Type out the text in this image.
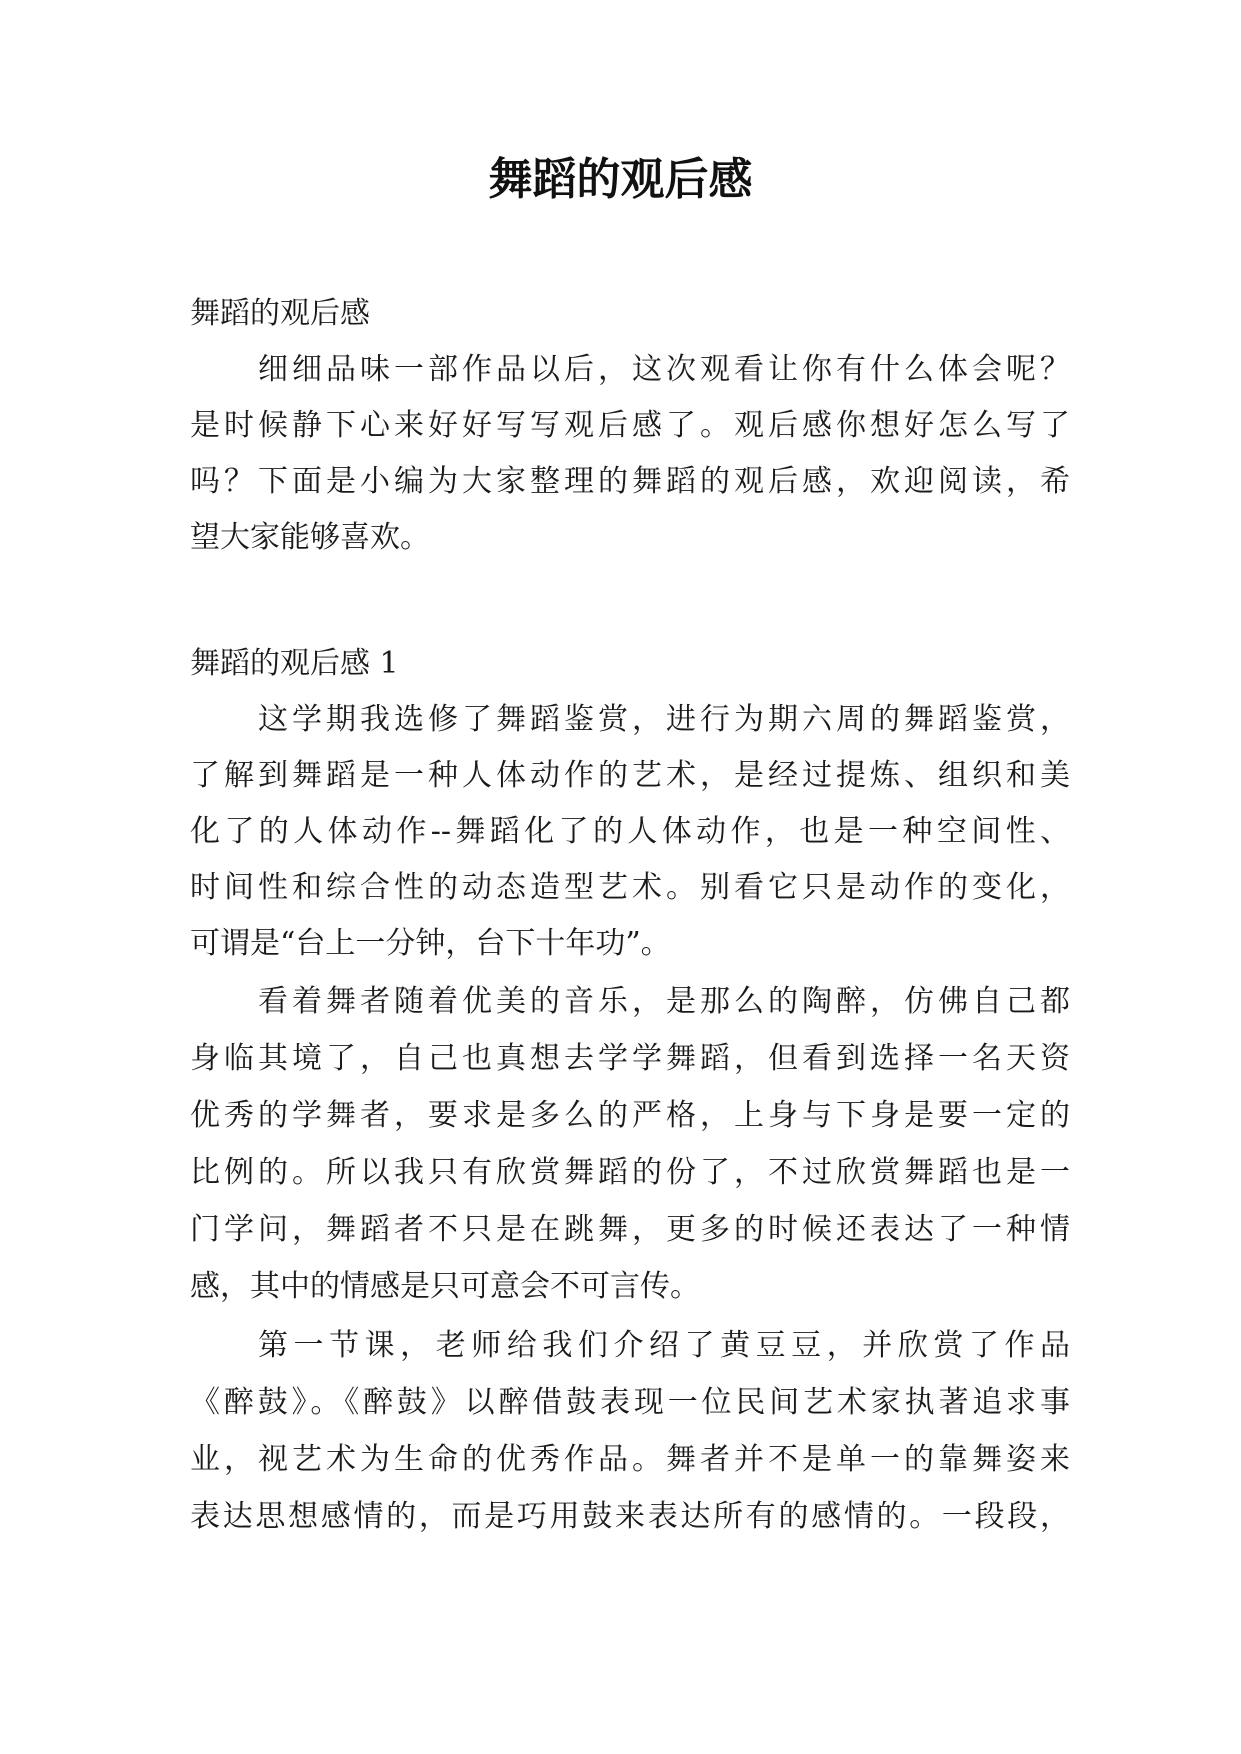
舞蹈的观后感
舞蹈的观后感
细细品味一部作品以后，这次观看让你有什么体会呢？
是时候静下心来好好写写观后感了。观后感你想好怎么写了
吗？下面是小编为大家整理的舞蹈的观后感，欢迎阅读，希
望大家能够喜欢。
舞蹈的观后感 1
这学期我选修了舞蹈鉴赏，进行为期六周的舞蹈鉴赏，
了解到舞蹈是一种人体动作的艺术，是经过提炼、组织和美
化了的人体动作--舞蹈化了的人体动作，也是一种空间性、
时间性和综合性的动态造型艺术。别看它只是动作的变化，
可谓是“台上一分钟，台下十年功”。
看着舞者随着优美的音乐，是那么的陶醉，仿佛自己都
身临其境了，自己也真想去学学舞蹈，但看到选择一名天资
优秀的学舞者，要求是多么的严格，上身与下身是要一定的
比例的。所以我只有欣赏舞蹈的份了，不过欣赏舞蹈也是一
门学问，舞蹈者不只是在跳舞，更多的时候还表达了一种情
感，其中的情感是只可意会不可言传。
第一节课，老师给我们介绍了黄豆豆，并欣赏了作品
《醉鼓》。《醉鼓》以醉借鼓表现一位民间艺术家执著追求事
业，视艺术为生命的优秀作品。舞者并不是单一的靠舞姿来
表达思想感情的，而是巧用鼓来表达所有的感情的。一段段，
